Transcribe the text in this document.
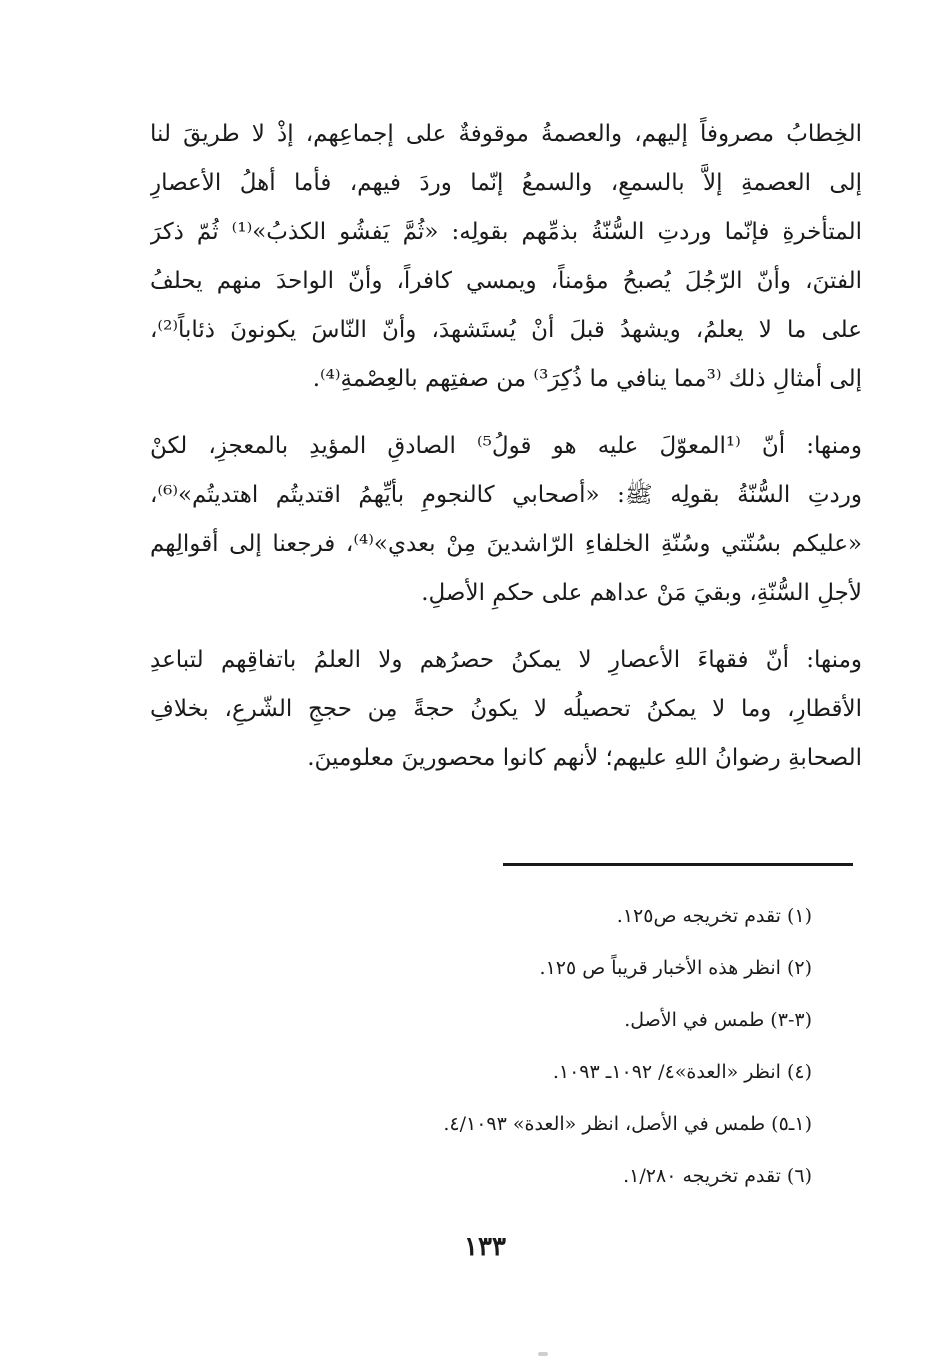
الخِطابُ مصروفاً إليهم، والعصمةُ موقوفةٌ على إجماعِهم، إذْ لا طريقَ لنا
إلى العصمةِ إلاَّ بالسمعِ، والسمعُ إنّما وردَ فيهم، فأما أهلُ الأعصارِ
المتأخرةِ فإنّما وردتِ السُّنّةُ بذمِّهم بقولِه: «ثُمَّ يَفشُو الكذبُ»⁽¹⁾ ثُمّ ذكرَ
الفتنَ، وأنّ الرّجُلَ يُصبحُ مؤمناً، ويمسي كافراً، وأنّ الواحدَ منهم يحلفُ
على ما لا يعلمُ، ويشهدُ قبلَ أنْ يُستَشهدَ، وأنّ النّاسَ يكونونَ ذئاباً⁽²⁾،
إلى أمثالِ ذلك ⁽³مما ينافي ما ذُكِرَ³⁾ من صفتِهم بالعِصْمةِ⁽⁴⁾.
ومنها: أنّ ⁽¹المعوّلَ عليه هو قولُ⁵⁾ الصادقِ المؤيدِ بالمعجزِ، لكنْ
وردتِ السُّنّةُ بقولِه ﷺ: «أصحابي كالنجومِ بأيِّهمُ اقتديتُم اهتديتُم»⁽⁶⁾،
«عليكم بسُنّتي وسُنّةِ الخلفاءِ الرّاشدينَ مِنْ بعدي»⁽⁴⁾، فرجعنا إلى أقوالِهم
لأجلِ السُّنّةِ، وبقيَ مَنْ عداهم على حكمِ الأصلِ.
ومنها: أنّ فقهاءَ الأعصارِ لا يمكنُ حصرُهم ولا العلمُ باتفاقِهم لتباعدِ
الأقطارِ، وما لا يمكنُ تحصيلُه لا يكونُ حجةً مِن حججِ الشّرعِ، بخلافِ
الصحابةِ رضوانُ اللهِ عليهم؛ لأنهم كانوا محصورينَ معلومينَ.
(١) تقدم تخريجه ص١٢٥.
(٢) انظر هذه الأخبار قريباً ص ١٢٥.
(٣-٣) طمس في الأصل.
(٤) انظر «العدة»٤/ ١٠٩٢ـ ١٠٩٣.
(١ـ٥) طمس في الأصل، انظر «العدة» ٤/١٠٩٣.
(٦) تقدم تخريجه ١/٢٨٠.
١٣٣
